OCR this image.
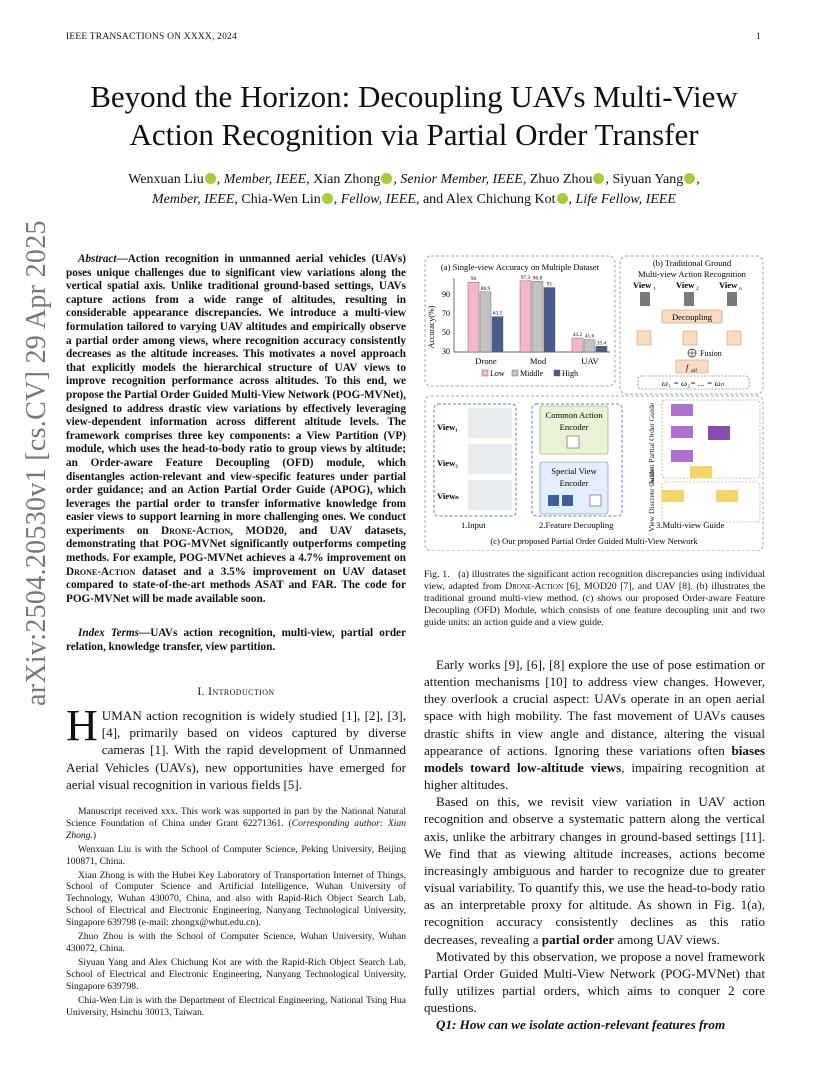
IEEE TRANSACTIONS ON XXXX, 2024	1
arXiv:2504.20530v1 [cs.CV] 29 Apr 2025
Beyond the Horizon: Decoupling UAVs Multi-View
Action Recognition via Partial Order Transfer
Wenxuan Liu , Member, IEEE, Xian Zhong , Senior Member, IEEE, Zhuo Zhou , Siyuan Yang ,
Member, IEEE, Chia-Wen Lin , Fellow, IEEE, and Alex Chichung Kot , Life Fellow, IEEE
Abstract—Action recognition in unmanned aerial vehicles (UAVs) poses unique challenges due to significant view variations along the vertical spatial axis. Unlike traditional ground-based settings, UAVs capture actions from a wide range of altitudes, resulting in considerable appearance discrepancies. We introduce a multi-view formulation tailored to varying UAV altitudes and empirically observe a partial order among views, where recognition accuracy consistently decreases as the altitude increases. This motivates a novel approach that explicitly models the hierarchical structure of UAV views to improve recognition performance across altitudes. To this end, we propose the Partial Order Guided Multi-View Network (POG-MVNet), designed to address drastic view variations by effectively leveraging view-dependent information across different altitude levels. The framework comprises three key components: a View Partition (VP) module, which uses the head-to-body ratio to group views by altitude; an Order-aware Feature Decoupling (OFD) module, which disentangles action-relevant and view-specific features under partial order guidance; and an Action Partial Order Guide (APOG), which leverages the partial order to transfer informative knowledge from easier views to support learning in more challenging ones. We conduct experiments on Drone-Action, MOD20, and UAV datasets, demonstrating that POG-MVNet significantly outperforms competing methods. For example, POG-MVNet achieves a 4.7% improvement on Drone-Action dataset and a 3.5% improvement on UAV dataset compared to state-of-the-art methods ASAT and FAR. The code for POG-MVNet will be made available soon.
Index Terms—UAVs action recognition, multi-view, partial order relation, knowledge transfer, view partition.
I. Introduction
HUMAN action recognition is widely studied [1], [2], [3], [4], primarily based on videos captured by diverse cameras [1]. With the rapid development of Unmanned Aerial Vehicles (UAVs), new opportunities have emerged for aerial visual recognition in various fields [5].

Manuscript received xxx. This work was supported in part by the National Natural Science Foundation of China under Grant 62271361. (Corresponding author: Xian Zhong.)

Wenxuan Liu is with the School of Computer Science, Peking University, Beijing 100871, China.

Xian Zhong is with the Hubei Key Laboratory of Transportation Internet of Things, School of Computer Science and Artificial Intelligence, Wuhan University of Technology, Wuhan 430070, China, and also with Rapid-Rich Object Search Lab, School of Electrical and Electronic Engineering, Nanyang Technological University, Singapore 639798 (e-mail: zhongx@whut.edu.cn).

Zhuo Zhou is with the School of Computer Science, Wuhan University, Wuhan 430072, China.

Siyuan Yang and Alex Chichung Kot are with the Rapid-Rich Object Search Lab, School of Electrical and Electronic Engineering, Nanyang Technological University, Singapore 639798.

Chia-Wen Lin is with the Department of Electrical Engineering, National Tsing Hua University, Hsinchu 30013, Taiwan.

(a) Single-view Accuracy on Multiple Dataset
Accuracy(%)
90
70
50
30
96
86.9
63.5
97.3 96.8
91
43.2 41.6
35.4
Drone	Mod	UAV
Low Middle High
(b) Traditional Ground
Multi-view Action Recognition
View 1 View 2 View n
Decoupling
Fusion
f all
ω₁ = ω₂= ... = ωₙ
View₁
View₂
Viewₙ
1.Input
Common Action
Encoder
Special View
Encoder
2.Feature Decoupling
Action Partial Order Guide
View Discrete Guide 3.Multi-view Guide
(c) Our proposed Partial Order Guided Multi-View Network
Fig. 1. (a) illustrates the significant action recognition discrepancies using individual view, adapted from Drone-Action [6], MOD20 [7], and UAV [8]. (b) illustrates the traditional ground multi-view method. (c) shows our proposed Order-aware Feature Decoupling (OFD) Module, which consists of one feature decoupling unit and two guide units: an action guide and a view guide.

Early works [9], [6], [8] explore the use of pose estimation or attention mechanisms [10] to address view changes. However, they overlook a crucial aspect: UAVs operate in an open aerial space with high mobility. The fast movement of UAVs causes drastic shifts in view angle and distance, altering the visual appearance of actions. Ignoring these variations often biases models toward low-altitude views, impairing recognition at higher altitudes.

Based on this, we revisit view variation in UAV action recognition and observe a systematic pattern along the vertical axis, unlike the arbitrary changes in ground-based settings [11]. We find that as viewing altitude increases, actions become increasingly ambiguous and harder to recognize due to greater visual variability. To quantify this, we use the head-to-body ratio as an interpretable proxy for altitude. As shown in Fig. 1(a), recognition accuracy consistently declines as this ratio decreases, revealing a partial order among UAV views.

Motivated by this observation, we propose a novel framework Partial Order Guided Multi-View Network (POG-MVNet) that fully utilizes partial orders, which aims to conquer 2 core questions.

Q1: How can we isolate action-relevant features from
